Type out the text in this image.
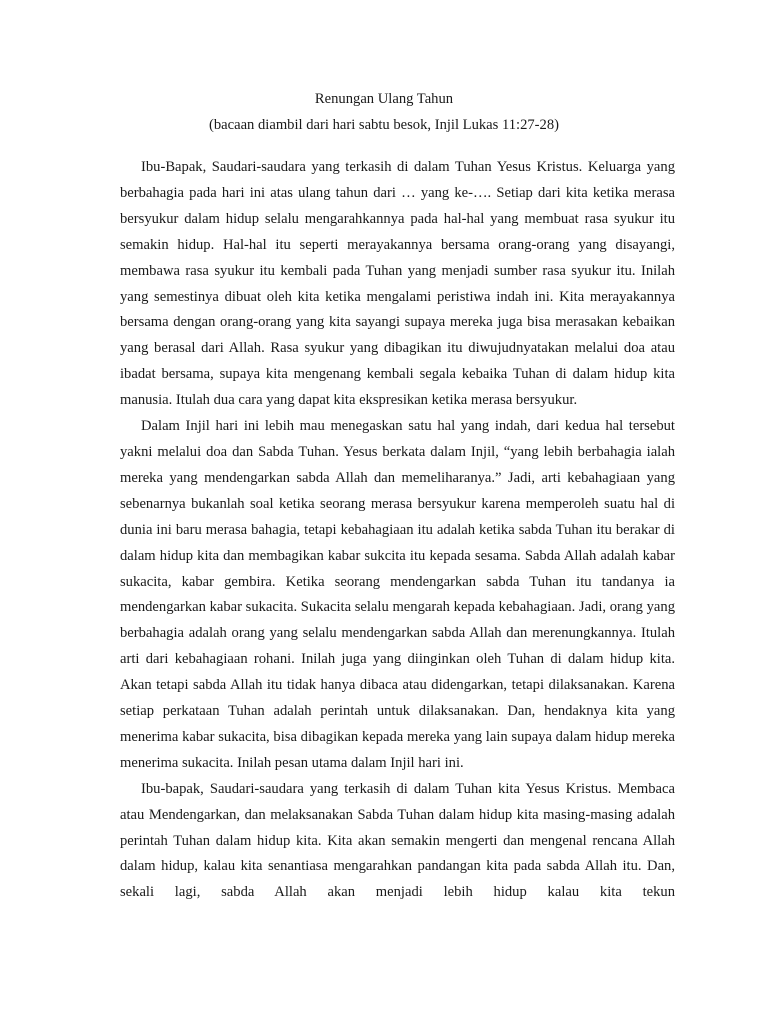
Renungan Ulang Tahun
(bacaan diambil dari hari sabtu besok, Injil Lukas 11:27-28)

Ibu-Bapak, Saudari-saudara yang terkasih di dalam Tuhan Yesus Kristus. Keluarga yang berbahagia pada hari ini atas ulang tahun dari … yang ke-…. Setiap dari kita ketika merasa bersyukur dalam hidup selalu mengarahkannya pada hal-hal yang membuat rasa syukur itu semakin hidup. Hal-hal itu seperti merayakannya bersama orang-orang yang disayangi, membawa rasa syukur itu kembali pada Tuhan yang menjadi sumber rasa syukur itu. Inilah yang semestinya dibuat oleh kita ketika mengalami peristiwa indah ini. Kita merayakannya bersama dengan orang-orang yang kita sayangi supaya mereka juga bisa merasakan kebaikan yang berasal dari Allah. Rasa syukur yang dibagikan itu diwujudnyatakan melalui doa atau ibadat bersama, supaya kita mengenang kembali segala kebaika Tuhan di dalam hidup kita manusia. Itulah dua cara yang dapat kita ekspresikan ketika merasa bersyukur.

Dalam Injil hari ini lebih mau menegaskan satu hal yang indah, dari kedua hal tersebut yakni melalui doa dan Sabda Tuhan. Yesus berkata dalam Injil, “yang lebih berbahagia ialah mereka yang mendengarkan sabda Allah dan memeliharanya.” Jadi, arti kebahagiaan yang sebenarnya bukanlah soal ketika seorang merasa bersyukur karena memperoleh suatu hal di dunia ini baru merasa bahagia, tetapi kebahagiaan itu adalah ketika sabda Tuhan itu berakar di dalam hidup kita dan membagikan kabar sukcita itu kepada sesama. Sabda Allah adalah kabar sukacita, kabar gembira. Ketika seorang mendengarkan sabda Tuhan itu tandanya ia mendengarkan kabar sukacita. Sukacita selalu mengarah kepada kebahagiaan. Jadi, orang yang berbahagia adalah orang yang selalu mendengarkan sabda Allah dan merenungkannya. Itulah arti dari kebahagiaan rohani. Inilah juga yang diinginkan oleh Tuhan di dalam hidup kita. Akan tetapi sabda Allah itu tidak hanya dibaca atau didengarkan, tetapi dilaksanakan. Karena setiap perkataan Tuhan adalah perintah untuk dilaksanakan. Dan, hendaknya kita yang menerima kabar sukacita, bisa dibagikan kepada mereka yang lain supaya dalam hidup mereka menerima sukacita. Inilah pesan utama dalam Injil hari ini.

Ibu-bapak, Saudari-saudara yang terkasih di dalam Tuhan kita Yesus Kristus. Membaca atau Mendengarkan, dan melaksanakan Sabda Tuhan dalam hidup kita masing-masing adalah perintah Tuhan dalam hidup kita. Kita akan semakin mengerti dan mengenal rencana Allah dalam hidup, kalau kita senantiasa mengarahkan pandangan kita pada sabda Allah itu. Dan, sekali lagi, sabda Allah akan menjadi lebih hidup kalau kita tekun
